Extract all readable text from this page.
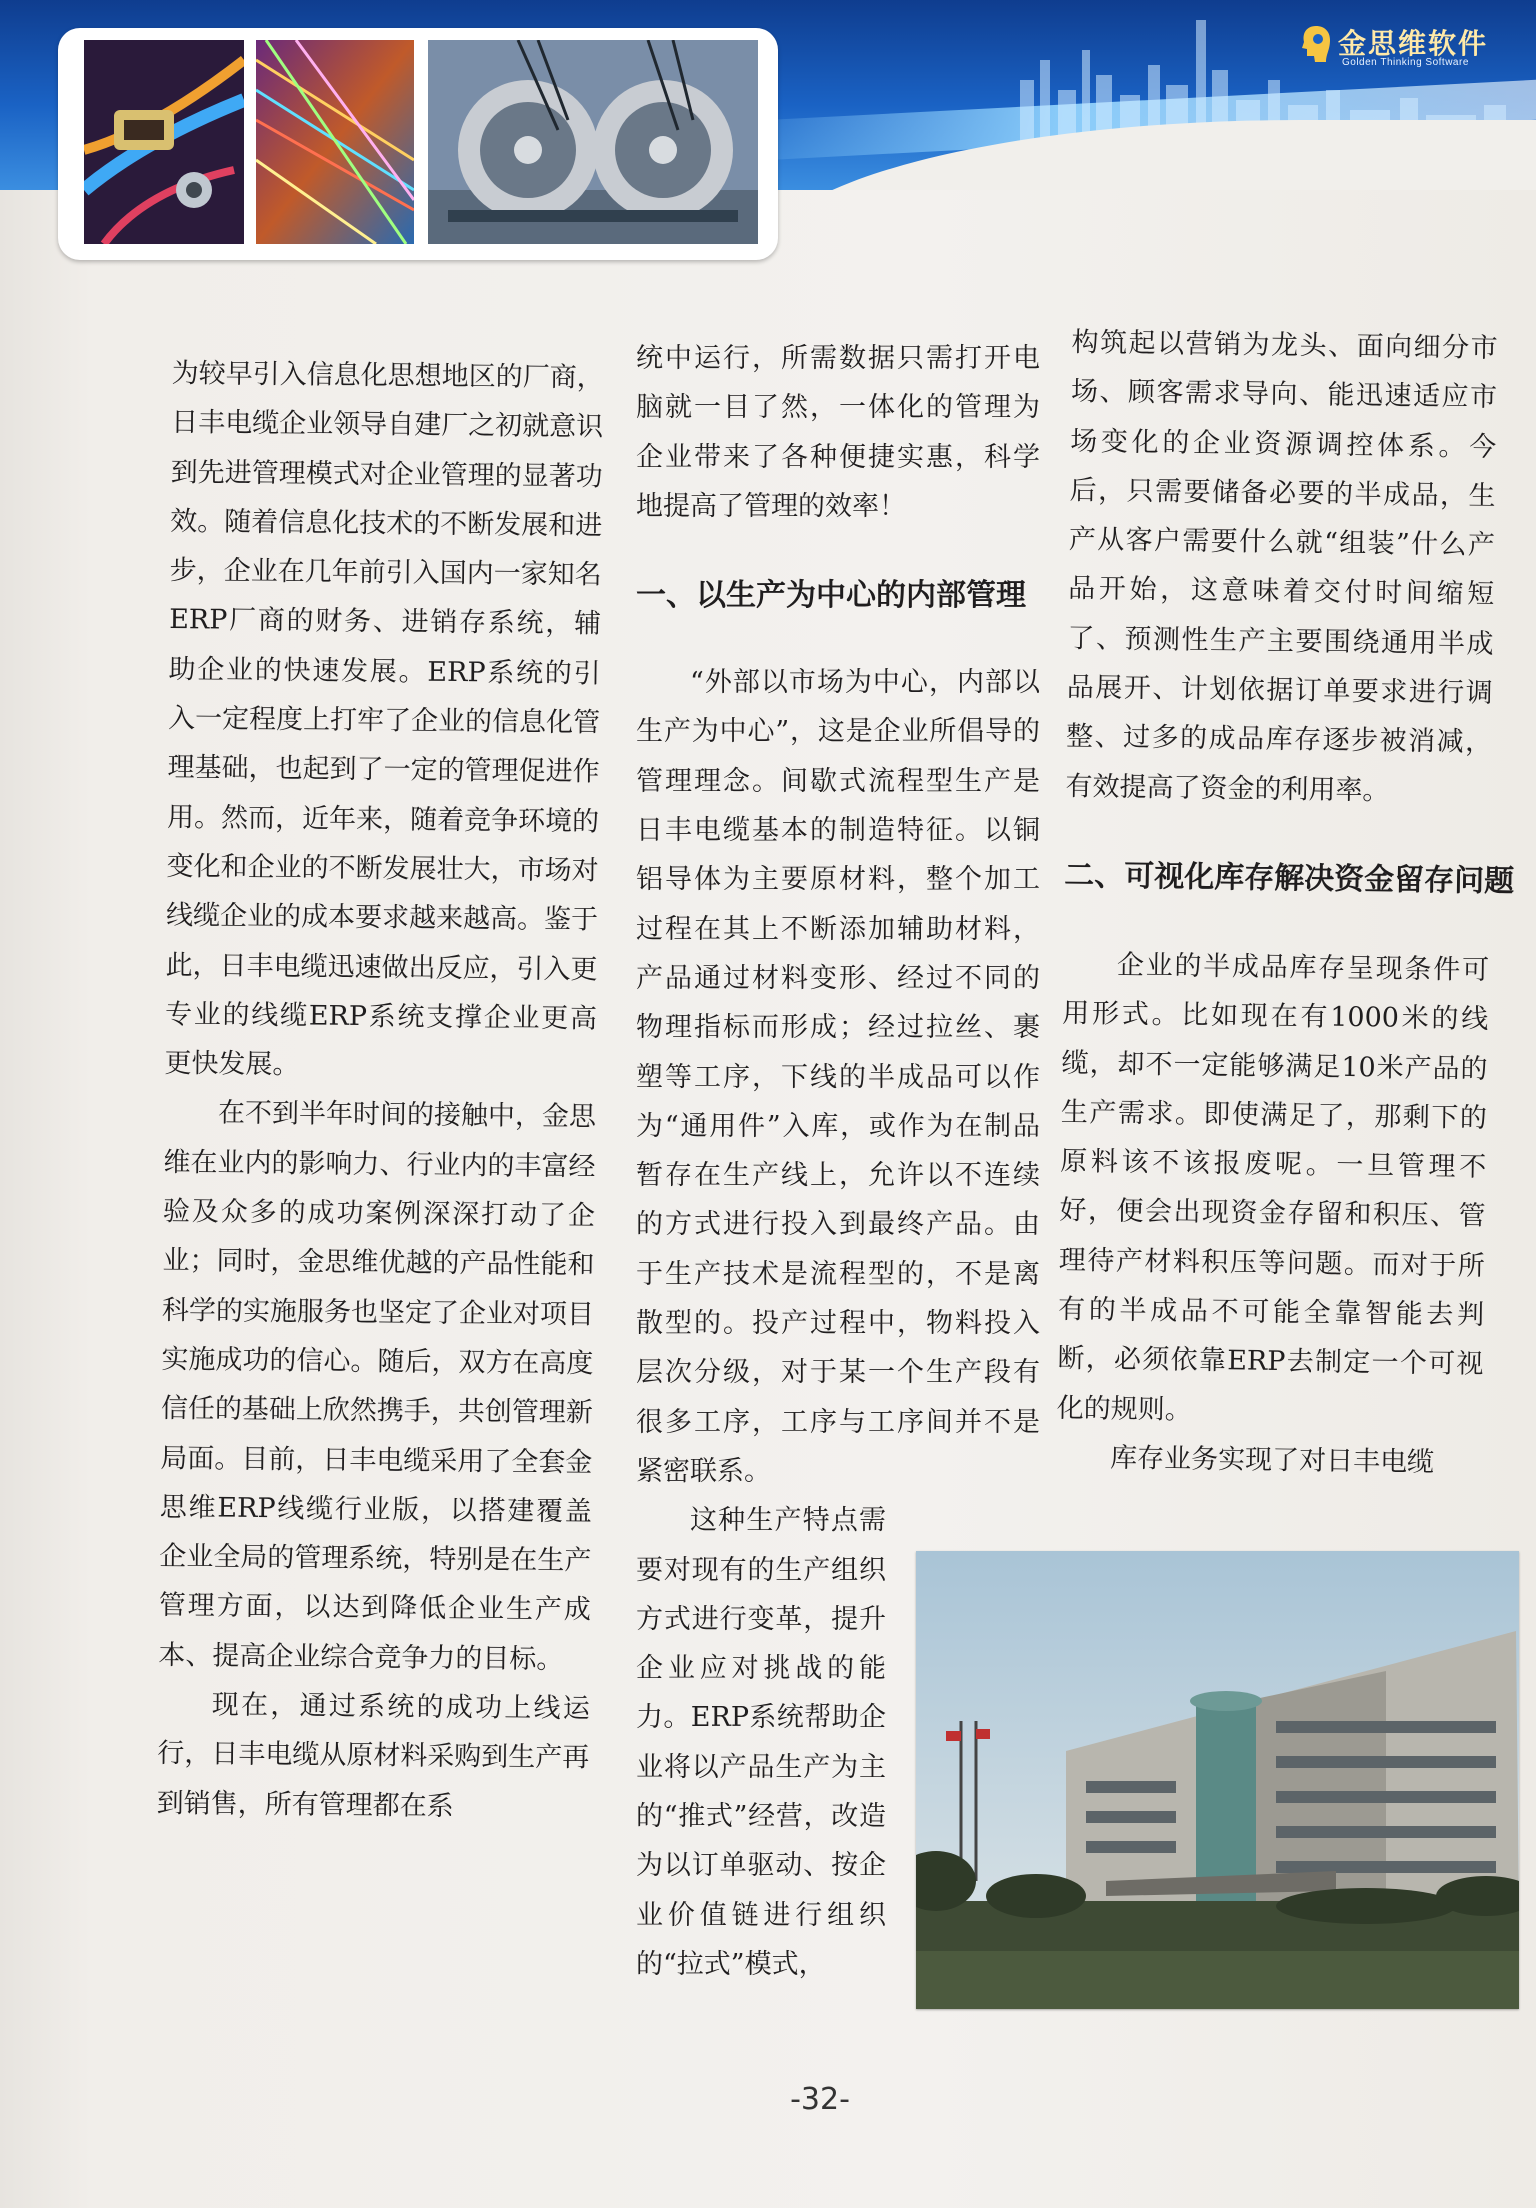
金思维软件
Golden Thinking Software

为较早引入信息化思想地区的厂商，日丰电缆企业领导自建厂之初就意识到先进管理模式对企业管理的显著功效。随着信息化技术的不断发展和进步，企业在几年前引入国内一家知名ERP厂商的财务、进销存系统，辅助企业的快速发展。ERP系统的引入一定程度上打牢了企业的信息化管理基础，也起到了一定的管理促进作用。然而，近年来，随着竞争环境的变化和企业的不断发展壮大，市场对线缆企业的成本要求越来越高。鉴于此，日丰电缆迅速做出反应，引入更专业的线缆ERP系统支撑企业更高更快发展。

在不到半年时间的接触中，金思维在业内的影响力、行业内的丰富经验及众多的成功案例深深打动了企业；同时，金思维优越的产品性能和科学的实施服务也坚定了企业对项目实施成功的信心。随后，双方在高度信任的基础上欣然携手，共创管理新局面。目前，日丰电缆采用了全套金思维ERP线缆行业版，以搭建覆盖企业全局的管理系统，特别是在生产管理方面，以达到降低企业生产成本、提高企业综合竞争力的目标。

现在，通过系统的成功上线运行，日丰电缆从原材料采购到生产再到销售，所有管理都在系

统中运行，所需数据只需打开电脑就一目了然，一体化的管理为企业带来了各种便捷实惠，科学地提高了管理的效率！

一、以生产为中心的内部管理

“外部以市场为中心，内部以生产为中心”，这是企业所倡导的管理理念。间歇式流程型生产是日丰电缆基本的制造特征。以铜铝导体为主要原材料，整个加工过程在其上不断添加辅助材料，产品通过材料变形、经过不同的物理指标而形成；经过拉丝、裹塑等工序，下线的半成品可以作为“通用件”入库，或作为在制品暂存在生产线上，允许以不连续的方式进行投入到最终产品。由于生产技术是流程型的，不是离散型的。投产过程中，物料投入层次分级，对于某一个生产段有很多工序，工序与工序间并不是紧密联系。

这种生产特点需要对现有的生产组织方式进行变革，提升企业应对挑战的能力。ERP系统帮助企业将以产品生产为主的“推式”经营，改造为以订单驱动、按企业价值链进行组织的“拉式”模式，

构筑起以营销为龙头、面向细分市场、顾客需求导向、能迅速适应市场变化的企业资源调控体系。今后，只需要储备必要的半成品，生产从客户需要什么就“组装”什么产品开始，这意味着交付时间缩短了、预测性生产主要围绕通用半成品展开、计划依据订单要求进行调整、过多的成品库存逐步被消减，有效提高了资金的利用率。

二、可视化库存解决资金留存问题

企业的半成品库存呈现条件可用形式。比如现在有1000米的线缆，却不一定能够满足10米产品的生产需求。即使满足了，那剩下的原料该不该报废呢。一旦管理不好，便会出现资金存留和积压、管理待产材料积压等问题。而对于所有的半成品不可能全靠智能去判断，必须依靠ERP去制定一个可视化的规则。

库存业务实现了对日丰电缆

-32-
